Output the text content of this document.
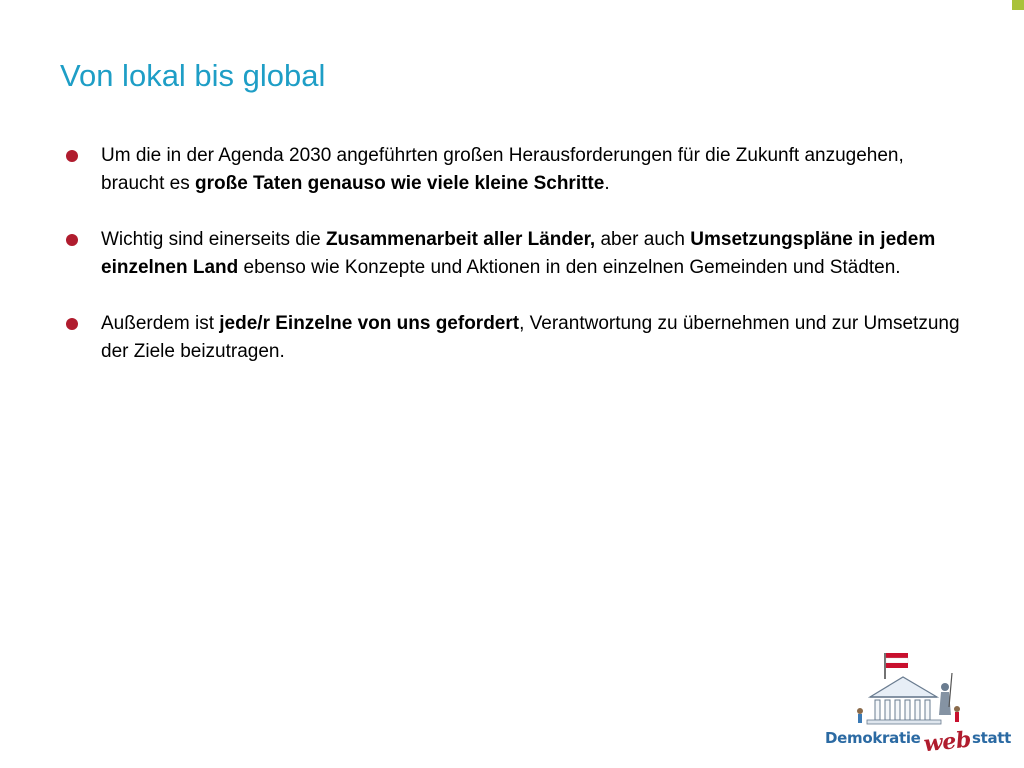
Von lokal bis global
Um die in der Agenda 2030 angeführten großen Herausforderungen für die Zukunft anzugehen, braucht es große Taten genauso wie viele kleine Schritte.
Wichtig sind einerseits die Zusammenarbeit aller Länder, aber auch Umsetzungspläne in jedem einzelnen Land ebenso wie Konzepte und Aktionen in den einzelnen Gemeinden und Städten.
Außerdem ist jede/r Einzelne von uns gefordert, Verantwortung zu übernehmen und zur Umsetzung der Ziele beizutragen.
Demokratiewebstatt
